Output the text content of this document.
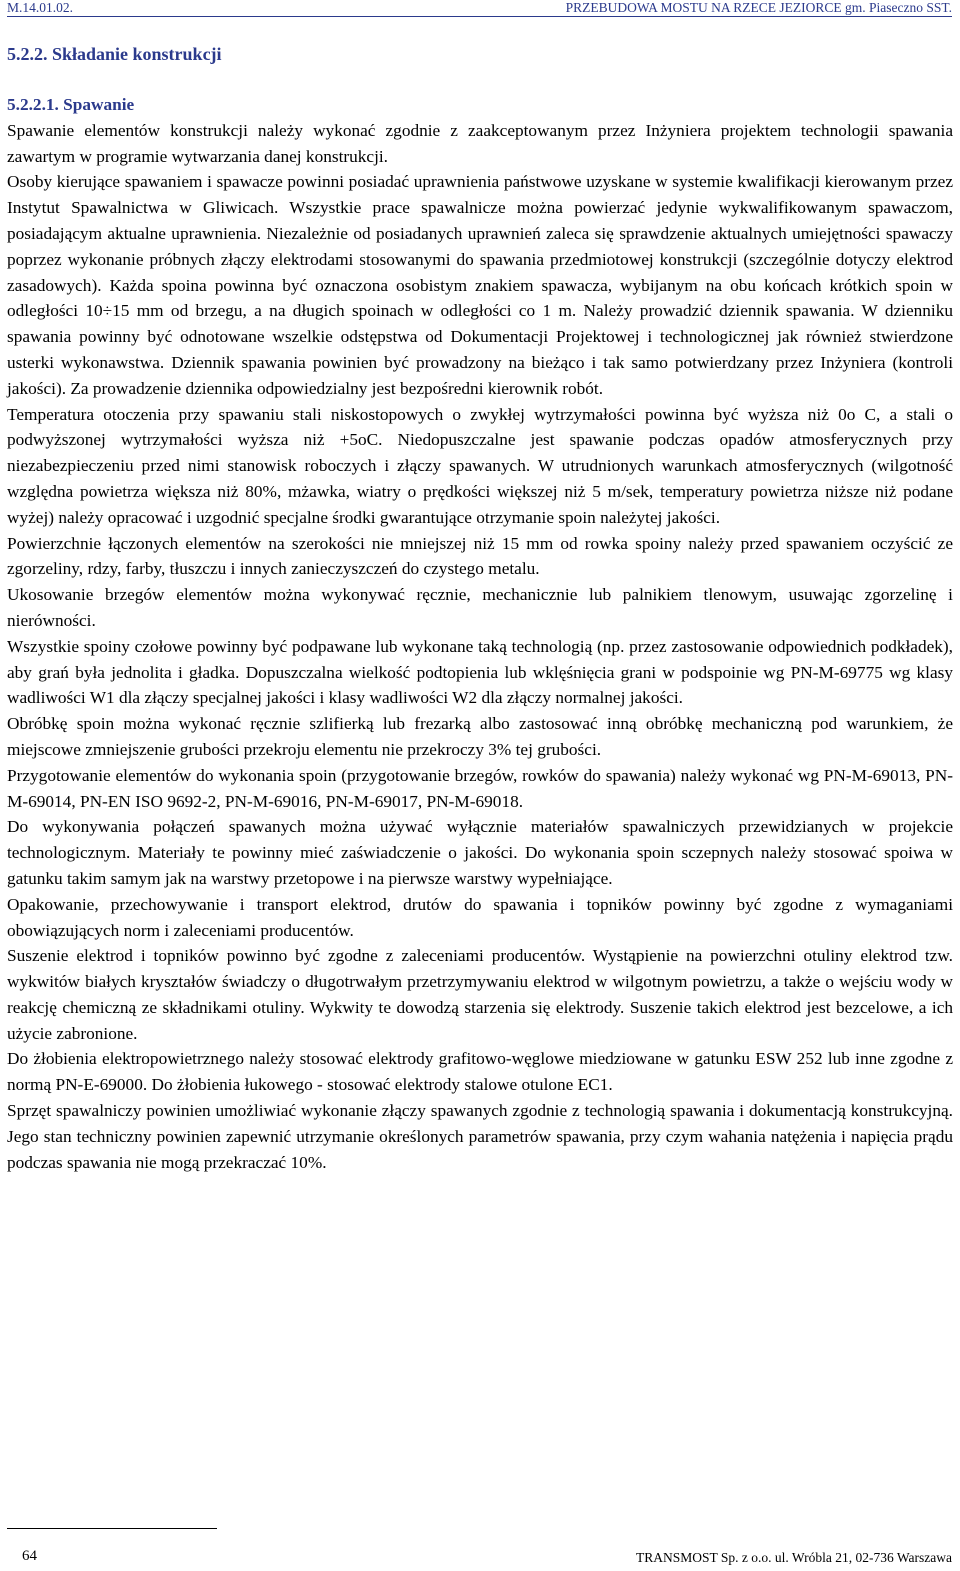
M.14.01.02.	PRZEBUDOWA MOSTU NA RZECE JEZIORCE gm. Piaseczno SST.
5.2.2. Składanie konstrukcji

5.2.2.1. Spawanie

Spawanie elementów konstrukcji należy wykonać zgodnie z zaakceptowanym przez Inżyniera projektem technologii spawania zawartym w programie wytwarzania danej konstrukcji.

Osoby kierujące spawaniem i spawacze powinni posiadać uprawnienia państwowe uzyskane w systemie kwalifikacji kierowanym przez Instytut Spawalnictwa w Gliwicach. Wszystkie prace spawalnicze można powierzać jedynie wykwalifikowanym spawaczom, posiadającym aktualne uprawnienia. Niezależnie od posiadanych uprawnień zaleca się sprawdzenie aktualnych umiejętności spawaczy poprzez wykonanie próbnych złączy elektrodami stosowanymi do spawania przedmiotowej konstrukcji (szczególnie dotyczy elektrod zasadowych). Każda spoina powinna być oznaczona osobistym znakiem spawacza, wybijanym na obu końcach krótkich spoin w odległości 10÷15 mm od brzegu, a na długich spoinach w odległości co 1 m. Należy prowadzić dziennik spawania. W dzienniku spawania powinny być odnotowane wszelkie odstępstwa od Dokumentacji Projektowej i technologicznej jak również stwierdzone usterki wykonawstwa. Dziennik spawania powinien być prowadzony na bieżąco i tak samo potwierdzany przez Inżyniera (kontroli jakości). Za prowadzenie dziennika odpowiedzialny jest bezpośredni kierownik robót.

Temperatura otoczenia przy spawaniu stali niskostopowych o zwykłej wytrzymałości powinna być wyższa niż 0o C, a stali o podwyższonej wytrzymałości wyższa niż +5oC. Niedopuszczalne jest spawanie podczas opadów atmosferycznych przy niezabezpieczeniu przed nimi stanowisk roboczych i złączy spawanych. W utrudnionych warunkach atmosferycznych (wilgotność względna powietrza większa niż 80%, mżawka, wiatry o prędkości większej niż 5 m/sek, temperatury powietrza niższe niż podane wyżej) należy opracować i uzgodnić specjalne środki gwarantujące otrzymanie spoin należytej jakości.

Powierzchnie łączonych elementów na szerokości nie mniejszej niż 15 mm od rowka spoiny należy przed spawaniem oczyścić ze zgorzeliny, rdzy, farby, tłuszczu i innych zanieczyszczeń do czystego metalu.

Ukosowanie brzegów elementów można wykonywać ręcznie, mechanicznie lub palnikiem tlenowym, usuwając zgorzelinę i nierówności.

Wszystkie spoiny czołowe powinny być podpawane lub wykonane taką technologią (np. przez zastosowanie odpowiednich podkładek), aby grań była jednolita i gładka. Dopuszczalna wielkość podtopienia lub wklęśnięcia grani w podspoinie wg PN-M-69775 wg klasy wadliwości W1 dla złączy specjalnej jakości i klasy wadliwości W2 dla złączy normalnej jakości.

Obróbkę spoin można wykonać ręcznie szlifierką lub frezarką albo zastosować inną obróbkę mechaniczną pod warunkiem, że miejscowe zmniejszenie grubości przekroju elementu nie przekroczy 3% tej grubości.

Przygotowanie elementów do wykonania spoin (przygotowanie brzegów, rowków do spawania) należy wykonać wg PN-M-69013, PN-M-69014, PN-EN ISO 9692-2, PN-M-69016, PN-M-69017, PN-M-69018.

Do wykonywania połączeń spawanych można używać wyłącznie materiałów spawalniczych przewidzianych w projekcie technologicznym. Materiały te powinny mieć zaświadczenie o jakości. Do wykonania spoin sczepnych należy stosować spoiwa w gatunku takim samym jak na warstwy przetopowe i na pierwsze warstwy wypełniające.

Opakowanie, przechowywanie i transport elektrod, drutów do spawania i topników powinny być zgodne z wymaganiami obowiązujących norm i zaleceniami producentów.

Suszenie elektrod i topników powinno być zgodne z zaleceniami producentów. Wystąpienie na powierzchni otuliny elektrod tzw. wykwitów białych kryształów świadczy o długotrwałym przetrzymywaniu elektrod w wilgotnym powietrzu, a także o wejściu wody w reakcję chemiczną ze składnikami otuliny. Wykwity te dowodzą starzenia się elektrody. Suszenie takich elektrod jest bezcelowe, a ich użycie zabronione.

Do żłobienia elektropowietrznego należy stosować elektrody grafitowo-węglowe miedziowane w gatunku ESW 252 lub inne zgodne z normą PN-E-69000. Do żłobienia łukowego - stosować elektrody stalowe otulone EC1.

Sprzęt spawalniczy powinien umożliwiać wykonanie złączy spawanych zgodnie z technologią spawania i dokumentacją konstrukcyjną. Jego stan techniczny powinien zapewnić utrzymanie określonych parametrów spawania, przy czym wahania natężenia i napięcia prądu podczas spawania nie mogą przekraczać 10%.

64	TRANSMOST Sp. z o.o. ul. Wróbla 21, 02-736 Warszawa
